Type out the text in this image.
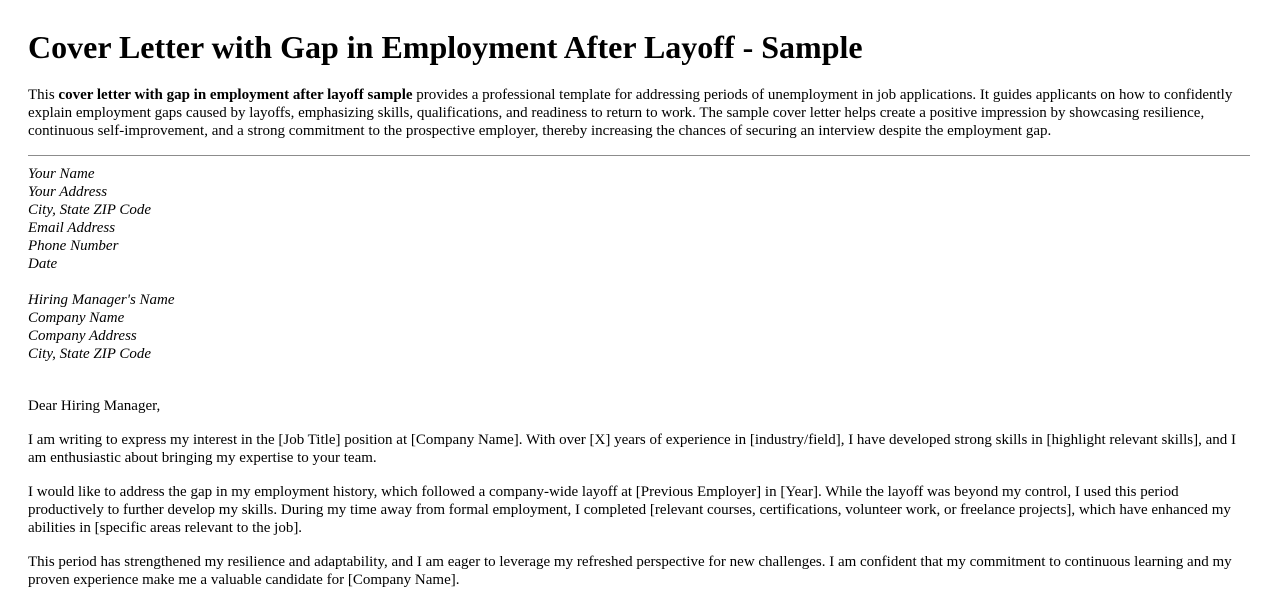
Cover Letter with Gap in Employment After Layoff - Sample

This cover letter with gap in employment after layoff sample provides a professional template for addressing periods of unemployment in job applications. It guides applicants on how to confidently explain employment gaps caused by layoffs, emphasizing skills, qualifications, and readiness to return to work. The sample cover letter helps create a positive impression by showcasing resilience, continuous self-improvement, and a strong commitment to the prospective employer, thereby increasing the chances of securing an interview despite the employment gap.

Your Name
Your Address
City, State ZIP Code
Email Address
Phone Number
Date
Hiring Manager's Name
Company Name
Company Address
City, State ZIP Code

Dear Hiring Manager,

I am writing to express my interest in the [Job Title] position at [Company Name]. With over [X] years of experience in [industry/field], I have developed strong skills in [highlight relevant skills], and I am enthusiastic about bringing my expertise to your team.

I would like to address the gap in my employment history, which followed a company-wide layoff at [Previous Employer] in [Year]. While the layoff was beyond my control, I used this period productively to further develop my skills. During my time away from formal employment, I completed [relevant courses, certifications, volunteer work, or freelance projects], which have enhanced my abilities in [specific areas relevant to the job].

This period has strengthened my resilience and adaptability, and I am eager to leverage my refreshed perspective for new challenges. I am confident that my commitment to continuous learning and my proven experience make me a valuable candidate for [Company Name].
